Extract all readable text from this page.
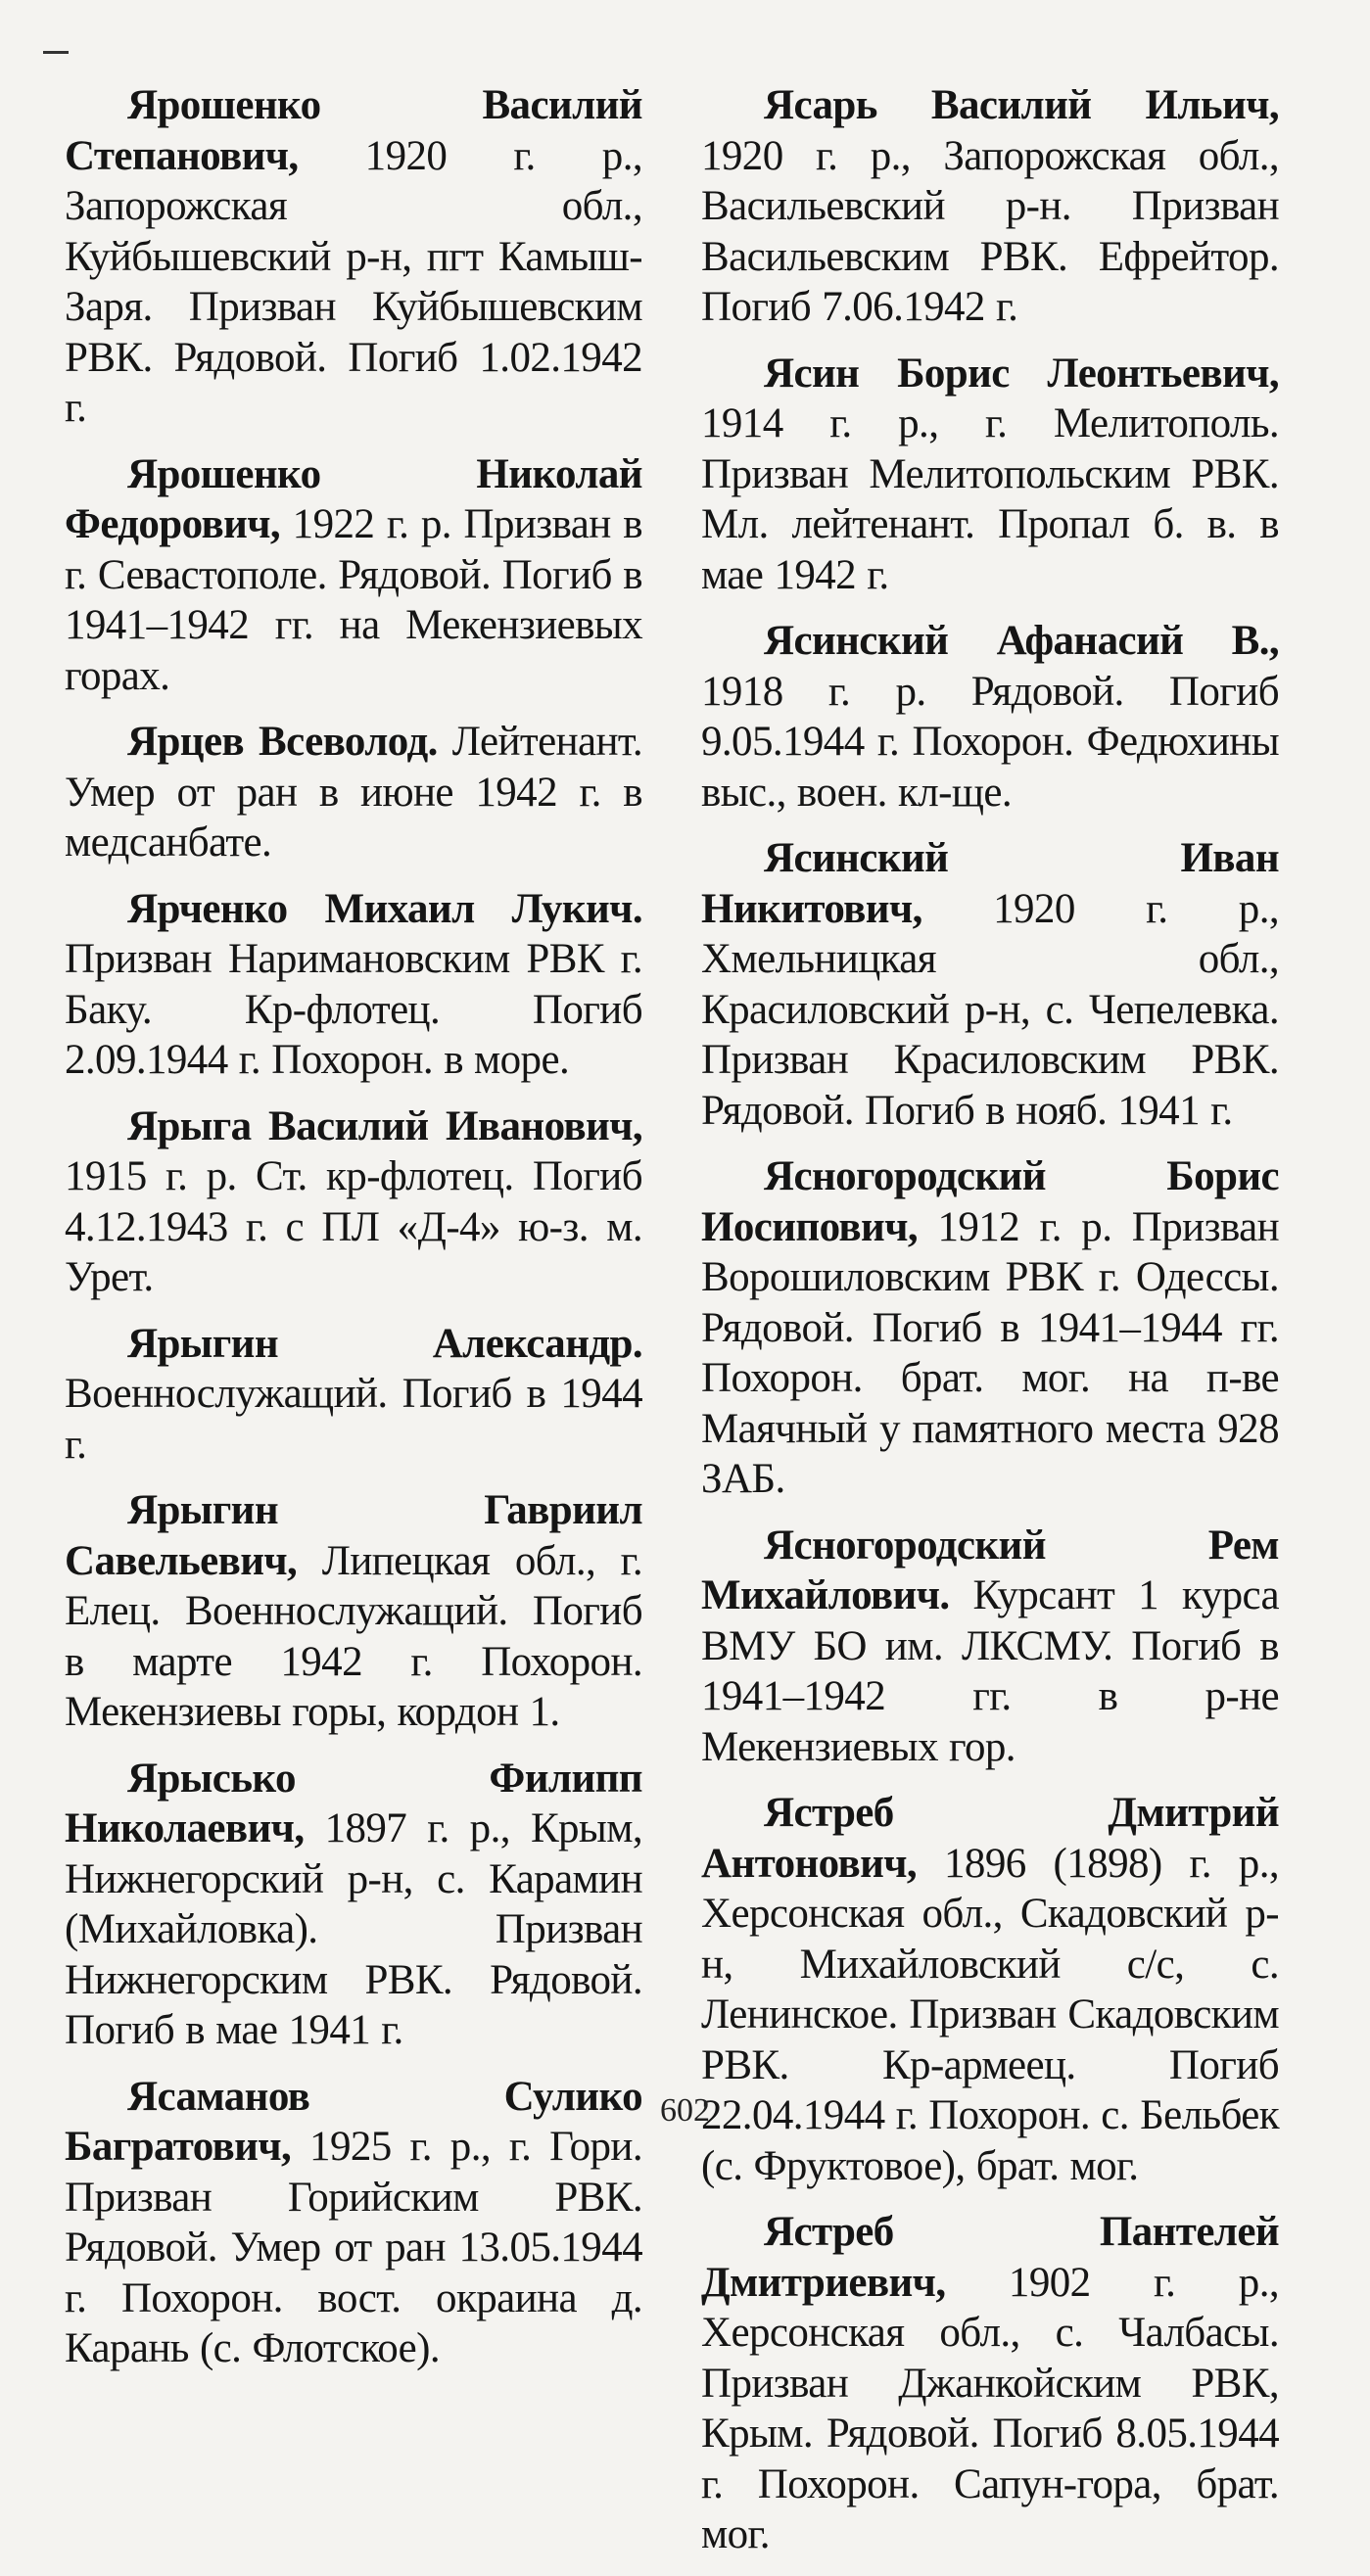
Ярошенко Василий Степанович, 1920 г. р., Запорожская обл., Куйбышевский р-н, пгт Камыш-Заря. Призван Куйбышевским РВК. Рядовой. Погиб 1.02.1942 г.

Ярошенко Николай Федорович, 1922 г. р. Призван в г. Севастополе. Рядовой. Погиб в 1941–1942 гг. на Мекензиевых горах.

Ярцев Всеволод. Лейтенант. Умер от ран в июне 1942 г. в медсанбате.

Ярченко Михаил Лукич. Призван Наримановским РВК г. Баку. Кр-флотец. Погиб 2.09.1944 г. Похорон. в море.

Ярыга Василий Иванович, 1915 г. р. Ст. кр-флотец. Погиб 4.12.1943 г. с ПЛ «Д-4» ю-з. м. Урет.

Ярыгин Александр. Военнослужащий. Погиб в 1944 г.

Ярыгин Гавриил Савельевич, Липецкая обл., г. Елец. Военнослужащий. Погиб в марте 1942 г. Похорон. Мекензиевы горы, кордон 1.

Ярысько Филипп Николаевич, 1897 г. р., Крым, Нижнегорский р-н, с. Карамин (Михайловка). Призван Нижнегорским РВК. Рядовой. Погиб в мае 1941 г.

Ясаманов Сулико Багратович, 1925 г. р., г. Гори. Призван Горийским РВК. Рядовой. Умер от ран 13.05.1944 г. Похорон. вост. окраина д. Карань (с. Флотское).

Ясарь Василий Ильич, 1920 г. р., Запорожская обл., Васильевский р-н. Призван Васильевским РВК. Ефрейтор. Погиб 7.06.1942 г.

Ясин Борис Леонтьевич, 1914 г. р., г. Мелитополь. Призван Мелитопольским РВК. Мл. лейтенант. Пропал б. в. в мае 1942 г.

Ясинский Афанасий В., 1918 г. р. Рядовой. Погиб 9.05.1944 г. Похорон. Федюхины выс., воен. кл-ще.

Ясинский Иван Никитович, 1920 г. р., Хмельницкая обл., Красиловский р-н, с. Чепелевка. Призван Красиловским РВК. Рядовой. Погиб в нояб. 1941 г.

Ясногородский Борис Иосипович, 1912 г. р. Призван Ворошиловским РВК г. Одессы. Рядовой. Погиб в 1941–1944 гг. Похорон. брат. мог. на п-ве Маячный у памятного места 928 ЗАБ.

Ясногородский Рем Михайлович. Курсант 1 курса ВМУ БО им. ЛКСМУ. Погиб в 1941–1942 гг. в р-не Мекензиевых гор.

Ястреб Дмитрий Антонович, 1896 (1898) г. р., Херсонская обл., Скадовский р-н, Михайловский с/с, с. Ленинское. Призван Скадовским РВК. Кр-армеец. Погиб 22.04.1944 г. Похорон. с. Бельбек (с. Фруктовое), брат. мог.

Ястреб Пантелей Дмитриевич, 1902 г. р., Херсонская обл., с. Чалбасы. Призван Джанкойским РВК, Крым. Рядовой. Погиб 8.05.1944 г. Похорон. Сапун-гора, брат. мог.

602
